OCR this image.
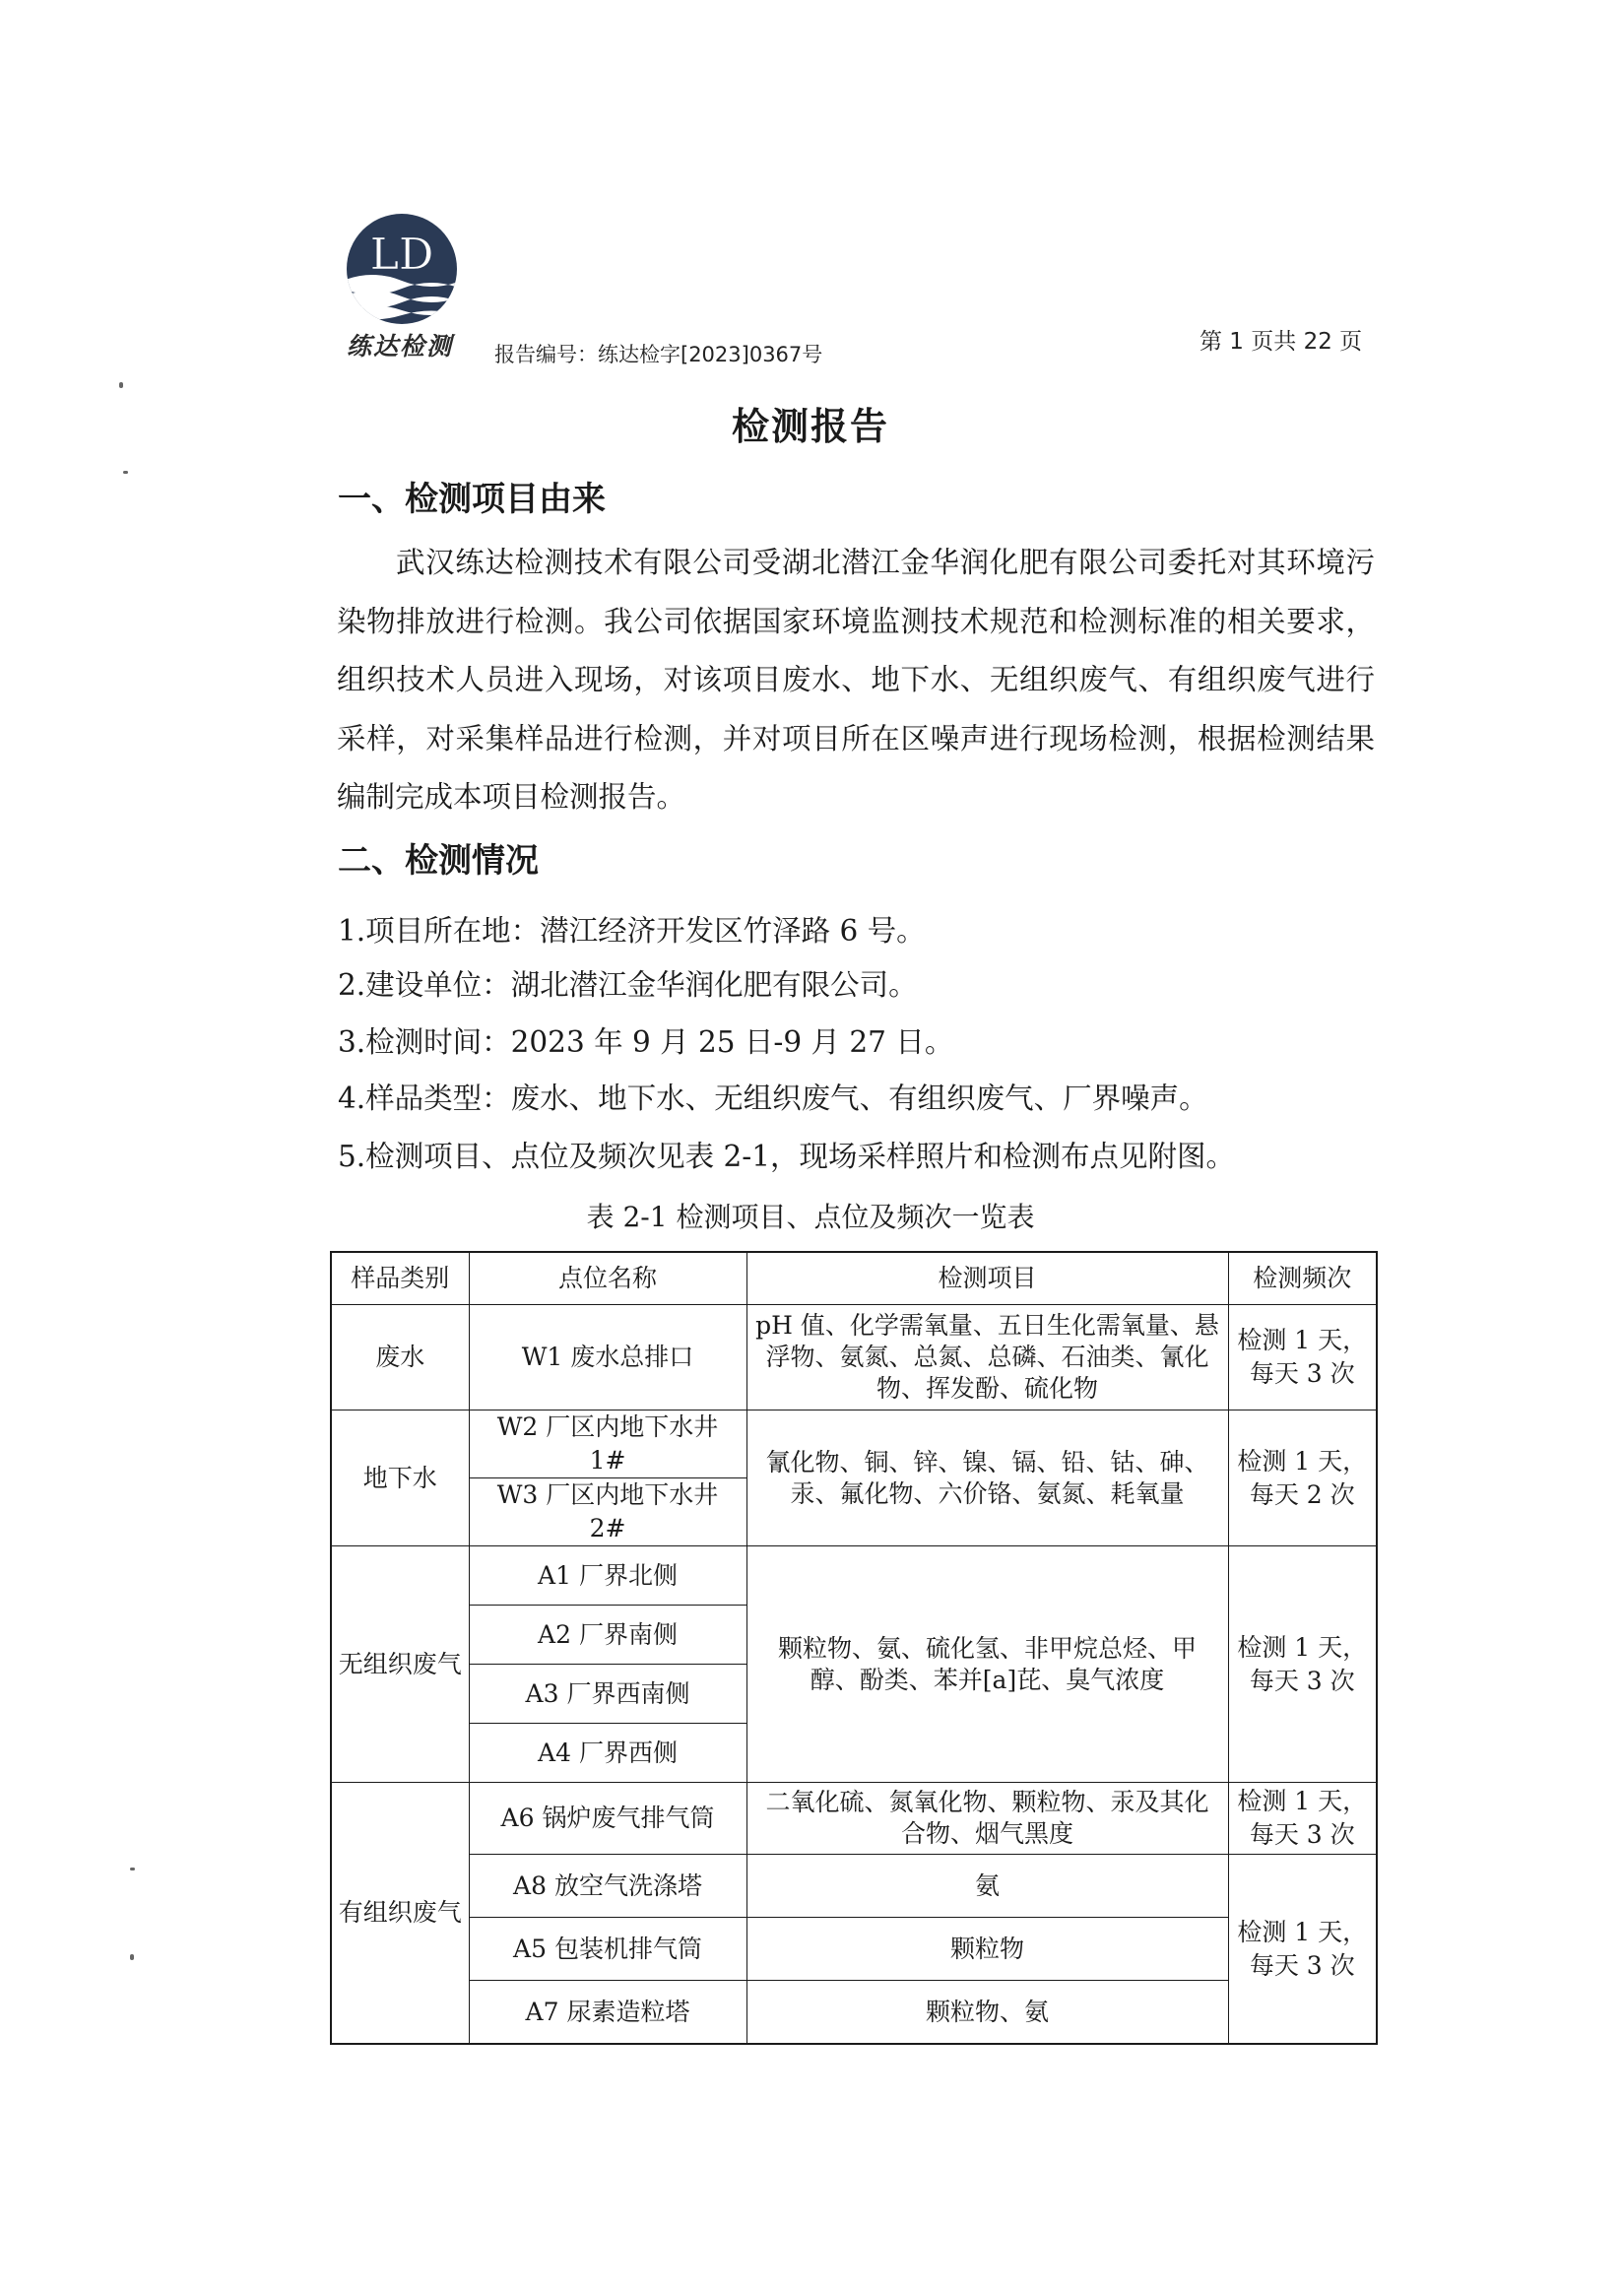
LD
练达检测	报告编号：练达检字[2023]0367号	第 1 页共 22 页
检测报告
一、检测项目由来
武汉练达检测技术有限公司受湖北潜江金华润化肥有限公司委托对其环境污染物排放进行检测。我公司依据国家环境监测技术规范和检测标准的相关要求，组织技术人员进入现场，对该项目废水、地下水、无组织废气、有组织废气进行采样，对采集样品进行检测，并对项目所在区噪声进行现场检测，根据检测结果编制完成本项目检测报告。
二、检测情况
1.项目所在地：潜江经济开发区竹泽路 6 号。
2.建设单位：湖北潜江金华润化肥有限公司。
3.检测时间：2023 年 9 月 25 日-9 月 27 日。
4.样品类型：废水、地下水、无组织废气、有组织废气、厂界噪声。
5.检测项目、点位及频次见表 2-1，现场采样照片和检测布点见附图。
表 2-1 检测项目、点位及频次一览表
样品类别	点位名称	检测项目	检测频次
废水	W1 废水总排口	pH 值、化学需氧量、五日生化需氧量、悬浮物、氨氮、总氮、总磷、石油类、氰化物、挥发酚、硫化物	检测 1 天，每天 3 次
地下水	W2 厂区内地下水井 1#	氰化物、铜、锌、镍、镉、铅、钴、砷、汞、氟化物、六价铬、氨氮、耗氧量	检测 1 天，每天 2 次
	W3 厂区内地下水井 2#		
无组织废气	A1 厂界北侧	颗粒物、氨、硫化氢、非甲烷总烃、甲醇、酚类、苯并[a]芘、臭气浓度	检测 1 天，每天 3 次
	A2 厂界南侧		
	A3 厂界西南侧		
	A4 厂界西侧		
有组织废气	A6 锅炉废气排气筒	二氧化硫、氮氧化物、颗粒物、汞及其化合物、烟气黑度	检测 1 天，每天 3 次
	A8 放空气洗涤塔	氨	检测 1 天，每天 3 次
	A5 包装机排气筒	颗粒物	
	A7 尿素造粒塔	颗粒物、氨	
